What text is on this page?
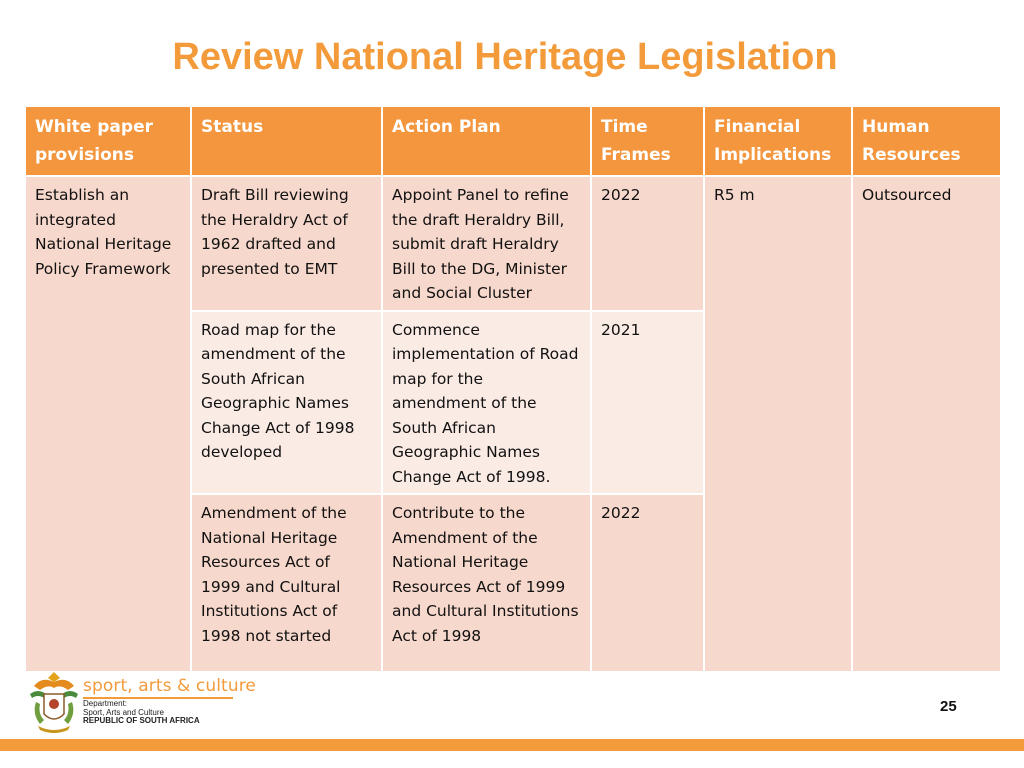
Review National Heritage Legislation
White paper provisions	Status	Action Plan	Time Frames	Financial Implications	Human Resources
Establish an integrated National Heritage Policy Framework	Draft Bill reviewing the Heraldry Act of 1962 drafted and presented to EMT	Appoint Panel to refine the draft Heraldry Bill, submit draft Heraldry Bill to the DG, Minister and Social Cluster	2022	R5 m	Outsourced
	Road map for the amendment of the South African Geographic Names Change Act of 1998 developed	Commence implementation of Road map for the amendment of the South African Geographic Names Change Act of 1998.	2021		
	Amendment of the National Heritage Resources Act of 1999 and Cultural Institutions Act of 1998 not started	Contribute to the Amendment of the National Heritage Resources Act of 1999 and Cultural Institutions Act of 1998	2022		
sport, arts & culture
Department:
Sport, Arts and Culture
REPUBLIC OF SOUTH AFRICA
25
